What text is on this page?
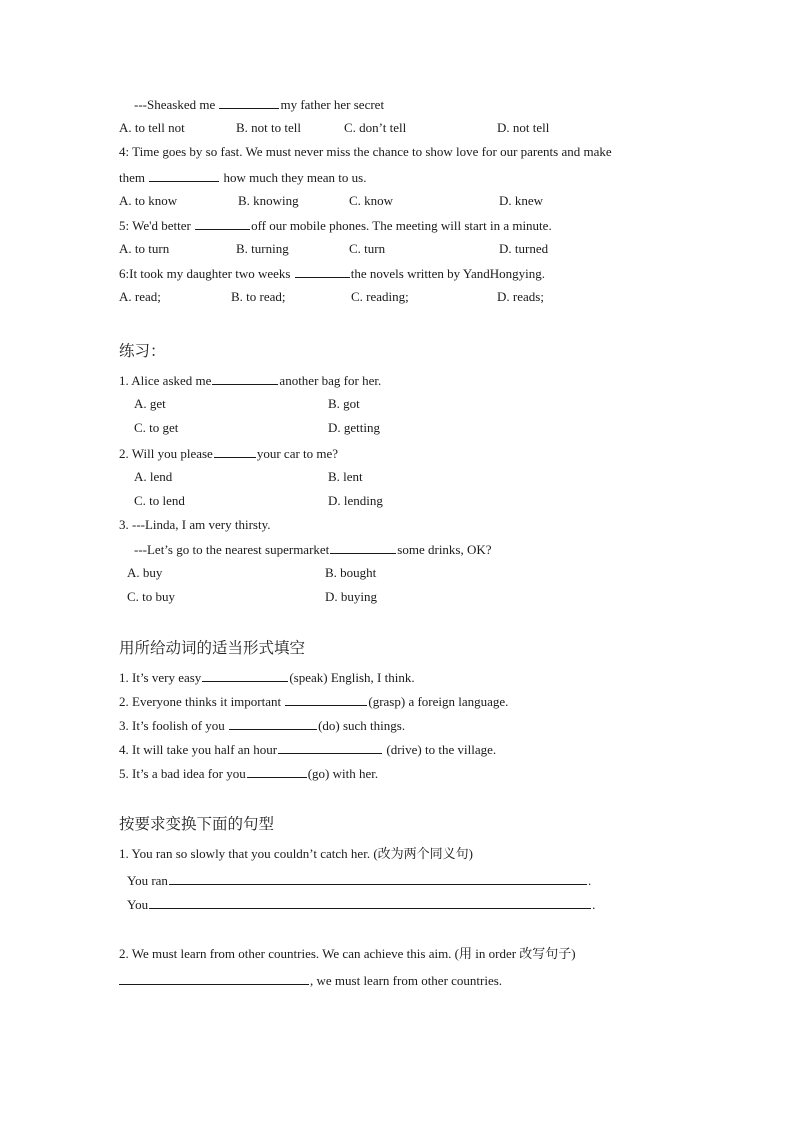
---Sheasked me	my father her secret
A. to tell not	B. not to tell	C. don’t tell	D. not tell
4: Time goes by so fast. We must never miss the chance to show love for our parents and make
them	how much they mean to us.
A. to know	B. knowing	C. know	D. knew
5: We'd better	off our mobile phones. The meeting will start in a minute.
A. to turn	B. turning	C. turn	D. turned
6:It took my daughter two weeks	the novels written by YandHongying.
A. read;	B. to read;	C. reading;	D. reads;
练习：
1. Alice asked me	another bag for her.
A. get	B. got
C. to get	D. getting
2. Will you please	your car to me?
A. lend	B. lent
C. to lend	D. lending
3. ---Linda, I am very thirsty.
---Let’s go to the nearest supermarket	some drinks, OK?
A. buy	B. bought
C. to buy	D. buying
用所给动词的适当形式填空
1. It’s very easy	(speak) English, I think.
2. Everyone thinks it important	(grasp) a foreign language.
3. It’s foolish of you	(do) such things.
4. It will take you half an hour	(drive) to the village.
5. It’s a bad idea for you	(go) with her.
按要求变换下面的句型
1. You ran so slowly that you couldn’t catch her. (改为两个同义句)
You ran	.
You	.
2. We must learn from other countries. We can achieve this aim. (用 in order 改写句子)
, we must learn from other countries.
